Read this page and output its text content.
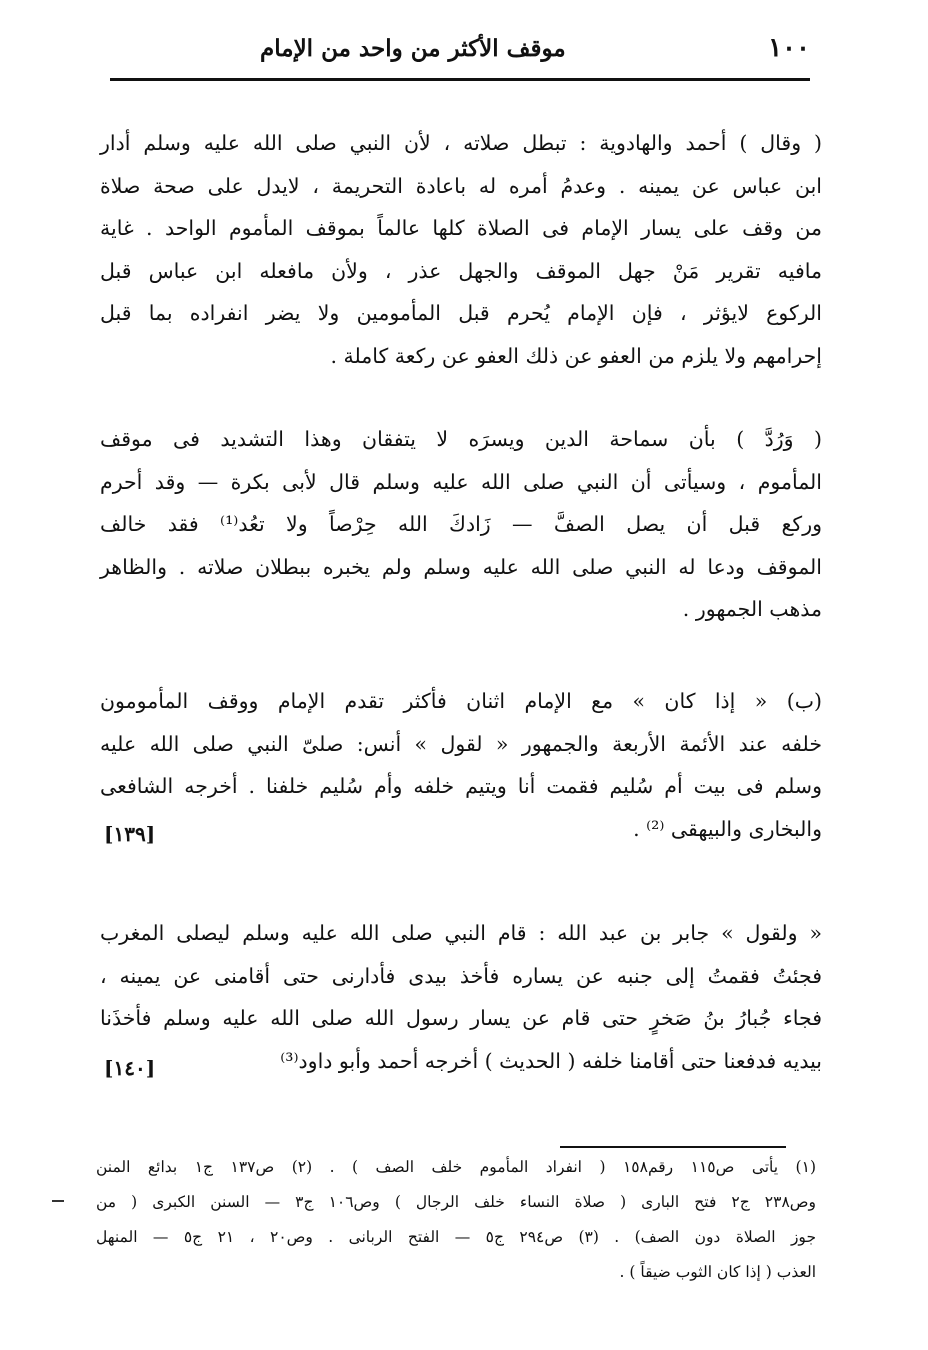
١٠٠
موقف الأكثر من واحد من الإمام
( وقال ) أحمد والهادوية : تبطل صلاته ، لأن النبي صلى الله عليه وسلم أدار
ابن عباس عن يمينه . وعدمُ أمره له باعادة التحريمة ، لايدل على صحة صلاة
من وقف على يسار الإمام فى الصلاة كلها عالماً بموقف المأموم الواحد . غاية
مافيه تقرير مَنْ جهل الموقف والجهل عذر ، ولأن مافعله ابن عباس قبل
الركوع لايؤثر ، فإن الإمام يُحرم قبل المأمومين ولا يضر انفراده بما قبل
إحرامهم ولا يلزم من العفو عن ذلك العفو عن ركعة كاملة .
( وَرُدَّ ) بأن سماحة الدين ويسرَه لا يتفقان وهذا التشديد فى موقف
المأموم ، وسيأتى أن النبي صلى الله عليه وسلم قال لأبى بكرة — وقد أحرم
وركع قبل أن يصل الصفَّ — زَادكَ الله حِرْصاً ولا تعُد⁽¹⁾ فقد خالف
الموقف ودعا له النبي صلى الله عليه وسلم ولم يخبره ببطلان صلاته . والظاهر
مذهب الجمهور .
(ب) « إذا كان » مع الإمام اثنان فأكثر تقدم الإمام ووقف المأمومون
خلفه عند الأئمة الأربعة والجمهور « لقول » أنس: صلىّ النبي صلى الله عليه
وسلم فى بيت أم سُليم فقمت أنا ويتيم خلفه وأم سُليم خلفنا . أخرجه الشافعى
والبخارى والبيهقى ⁽²⁾ .
[١٣٩]
« ولقول » جابر بن عبد الله : قام النبي صلى الله عليه وسلم ليصلى المغرب
فجئتُ فقمتُ إلى جنبه عن يساره فأخذ بيدى فأدارنى حتى أقامنى عن يمينه ،
فجاء جُبارُ بنُ صَخرٍ حتى قام عن يسار رسول الله صلى الله عليه وسلم فأخذَنا
بيديه فدفعنا حتى أقامنا خلفه ( الحديث ) أخرجه أحمد وأبو داود⁽³⁾
[١٤٠]
(١) يأتى ص١١٥ رقم١٥٨ ( انفراد المأموم خلف الصف ) . (٢) ص١٣٧ ج١ بدائع المنن
وص٢٣٨ ج٢ فتح البارى ( صلاة النساء خلف الرجال ) وص١٠٦ ج٣ — السنن الكبرى ( من
جوز الصلاة دون الصف) . (٣) ص٢٩٤ ج٥ — الفتح الربانى . وص٢٠ ، ٢١ ج٥ — المنهل
العذب ( إذا كان الثوب ضيقاً ) .
